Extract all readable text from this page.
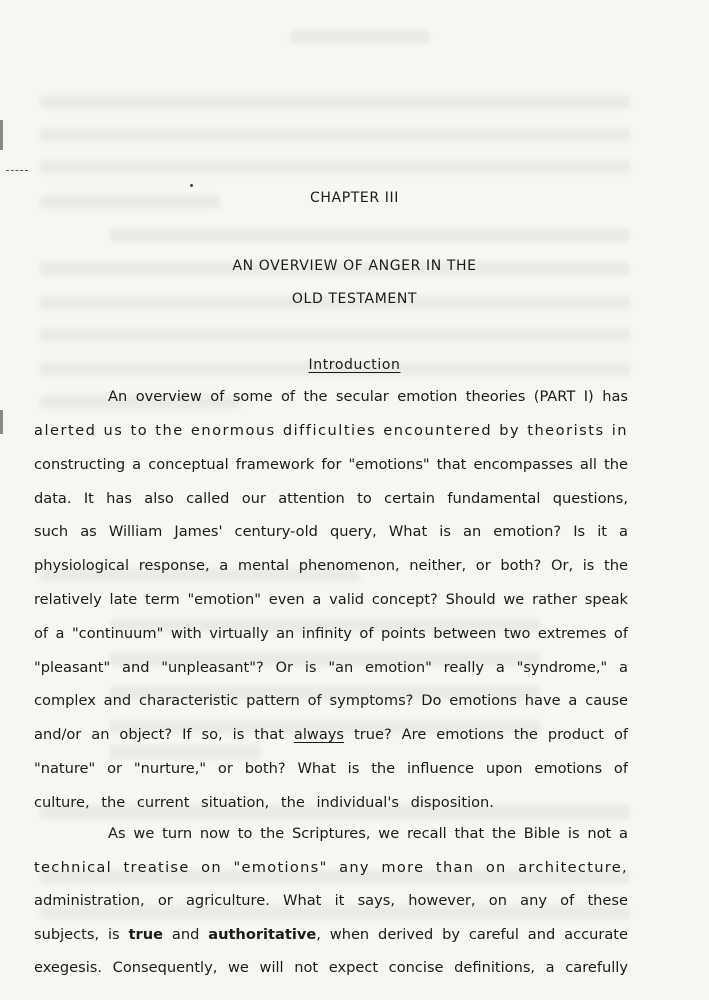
CHAPTER III
AN OVERVIEW OF ANGER IN THE
OLD TESTAMENT
Introduction
An overview of some of the secular emotion theories (PART I) has
alerted us to the enormous difficulties encountered by theorists in
constructing a conceptual framework for "emotions" that encompasses all the
data. It has also called our attention to certain fundamental questions,
such as William James' century-old query, What is an emotion? Is it a
physiological response, a mental phenomenon, neither, or both? Or, is the
relatively late term "emotion" even a valid concept? Should we rather speak
of a "continuum" with virtually an infinity of points between two extremes of
"pleasant" and "unpleasant"? Or is "an emotion" really a "syndrome," a
complex and characteristic pattern of symptoms? Do emotions have a cause
and/or an object? If so, is that always true? Are emotions the product of
"nature" or "nurture," or both? What is the influence upon emotions of
culture, the current situation, the individual's disposition.
As we turn now to the Scriptures, we recall that the Bible is not a
technical treatise on "emotions" any more than on architecture,
administration, or agriculture. What it says, however, on any of these
subjects, is true and authoritative, when derived by careful and accurate
exegesis. Consequently, we will not expect concise definitions, a carefully
